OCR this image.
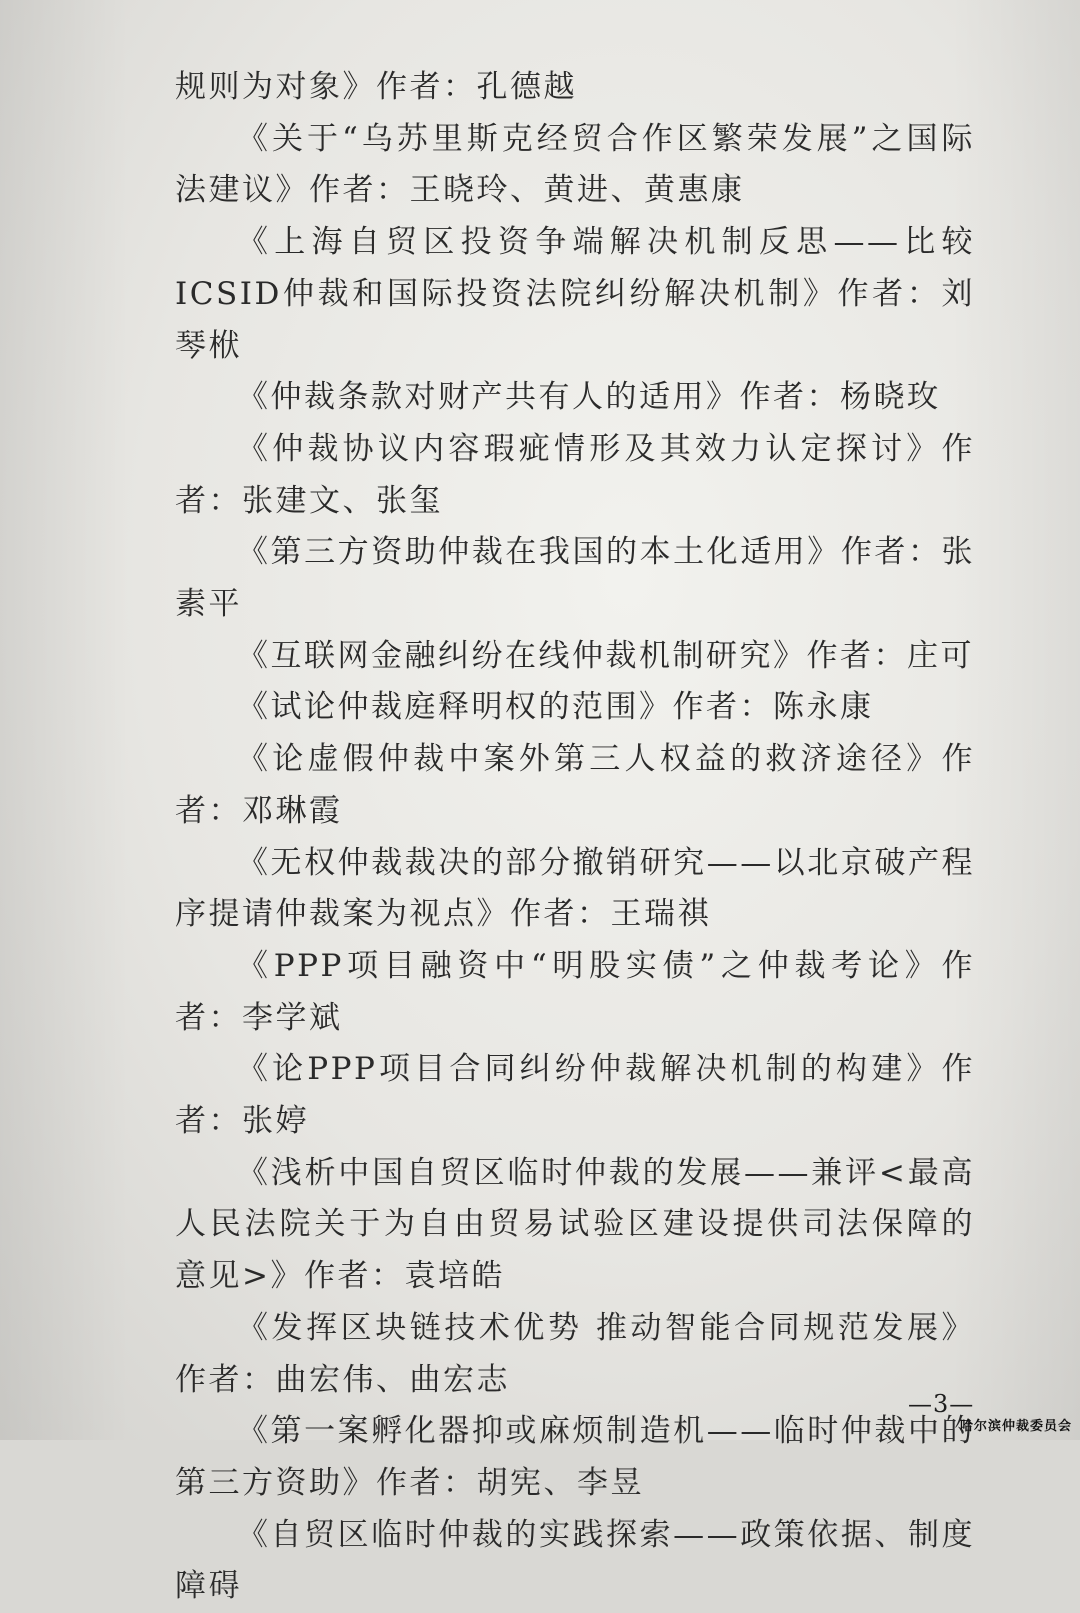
规则为对象》作者：孔德越

《关于“乌苏里斯克经贸合作区繁荣发展”之国际法建议》作者：王晓玲、黄进、黄惠康

《上海自贸区投资争端解决机制反思——比较ICSID仲裁和国际投资法院纠纷解决机制》作者：刘琴栿

《仲裁条款对财产共有人的适用》作者：杨晓玫

《仲裁协议内容瑕疵情形及其效力认定探讨》作者：张建文、张玺

《第三方资助仲裁在我国的本土化适用》作者：张素平

《互联网金融纠纷在线仲裁机制研究》作者：庄可

《试论仲裁庭释明权的范围》作者：陈永康

《论虚假仲裁中案外第三人权益的救济途径》作者：邓琳霞

《无权仲裁裁决的部分撤销研究——以北京破产程序提请仲裁案为视点》作者：王瑞祺

《PPP项目融资中“明股实债”之仲裁考论》作者：李学斌

《论PPP项目合同纠纷仲裁解决机制的构建》作者：张婷

《浅析中国自贸区临时仲裁的发展——兼评<最高人民法院关于为自由贸易试验区建设提供司法保障的意见>》作者：袁培皓

《发挥区块链技术优势 推动智能合同规范发展》作者：曲宏伟、曲宏志

《第一案孵化器抑或麻烦制造机——临时仲裁中的第三方资助》作者：胡宪、李昱

《自贸区临时仲裁的实践探索——政策依据、制度障碍

—3—
哈尔滨仲裁委员会
